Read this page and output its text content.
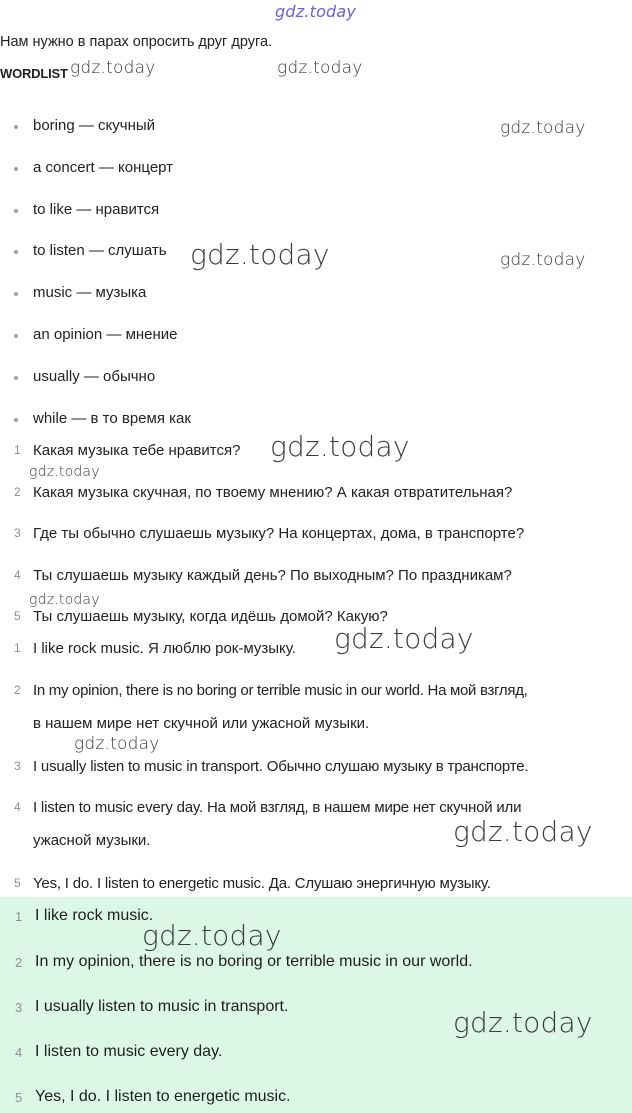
gdz.today
gdz.today	gdz.today
gdz.today
gdz.today	gdz.today
gdz.today
gdz.today
gdz.today
gdz.today
gdz.today
gdz.today
Нам нужно в парах опросить друг друга.
WORDLIST
boring — скучный
a concert — концерт
to like — нравится
to listen — слушать
music — музыка
an opinion — мнение
usually — обычно
while — в то время как
1 Какая музыка тебе нравится?
2 Какая музыка скучная, по твоему мнению? А какая отвратительная?
3 Где ты обычно слушаешь музыку? На концертах, дома, в транспорте?
4 Ты слушаешь музыку каждый день? По выходным? По праздникам?
5 Ты слушаешь музыку, когда идёшь домой? Какую?
1 I like rock music. Я люблю рок-музыку.
2 In my opinion, there is no boring or terrible music in our world. На мой взгляд,
в нашем мире нет скучной или ужасной музыки.
3 I usually listen to music in transport. Обычно слушаю музыку в транспорте.
4 I listen to music every day. На мой взгляд, в нашем мире нет скучной или
ужасной музыки.
5 Yes, I do. I listen to energetic music. Да. Слушаю энергичную музыку.
1 I like rock music.
2 In my opinion, there is no boring or terrible music in our world.
3 I usually listen to music in transport.
4 I listen to music every day.
5 Yes, I do. I listen to energetic music.
gdz.today
gdz.today
